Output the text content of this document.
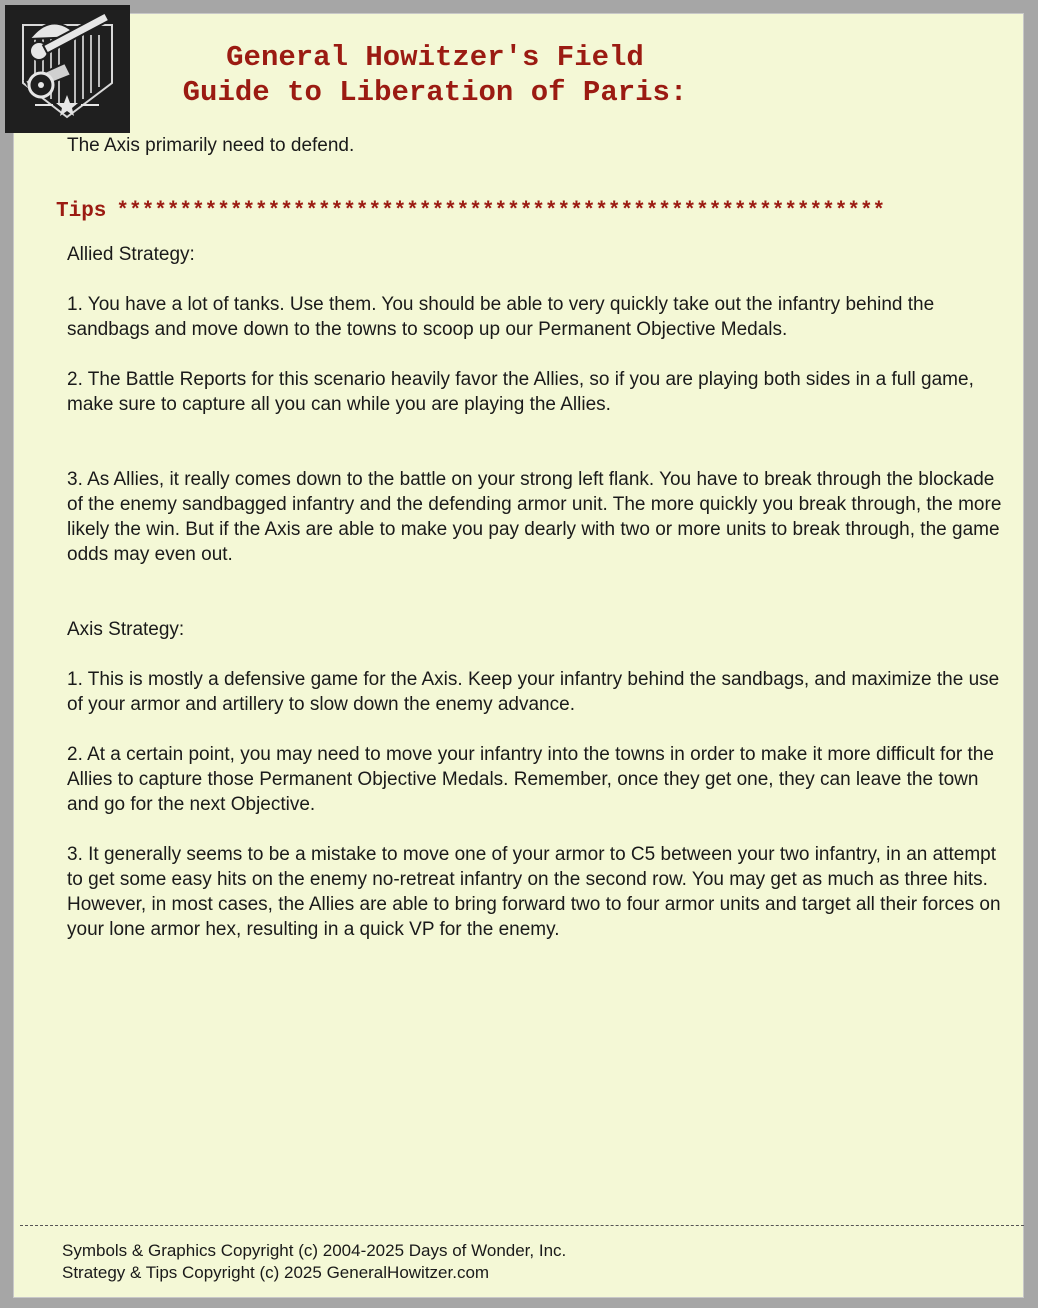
General Howitzer's Field
Guide to Liberation of Paris:
The Axis primarily need to defend.
Tips *************************************************************

Allied Strategy:

1. You have a lot of tanks. Use them. You should be able to very quickly take out the infantry behind the sandbags and move down to the towns to scoop up our Permanent Objective Medals.

2. The Battle Reports for this scenario heavily favor the Allies, so if you are playing both sides in a full game, make sure to capture all you can while you are playing the Allies.

3. As Allies, it really comes down to the battle on your strong left flank. You have to break through the blockade of the enemy sandbagged infantry and the defending armor unit. The more quickly you break through, the more likely the win. But if the Axis are able to make you pay dearly with two or more units to break through, the game odds may even out.

Axis Strategy:

1. This is mostly a defensive game for the Axis. Keep your infantry behind the sandbags, and maximize the use of your armor and artillery to slow down the enemy advance.

2. At a certain point, you may need to move your infantry into the towns in order to make it more difficult for the Allies to capture those Permanent Objective Medals. Remember, once they get one, they can leave the town and go for the next Objective.

3. It generally seems to be a mistake to move one of your armor to C5 between your two infantry, in an attempt to get some easy hits on the enemy no-retreat infantry on the second row. You may get as much as three hits. However, in most cases, the Allies are able to bring forward two to four armor units and target all their forces on your lone armor hex, resulting in a quick VP for the enemy.

Symbols & Graphics Copyright (c) 2004-2025 Days of Wonder, Inc.
Strategy & Tips Copyright (c) 2025 GeneralHowitzer.com
